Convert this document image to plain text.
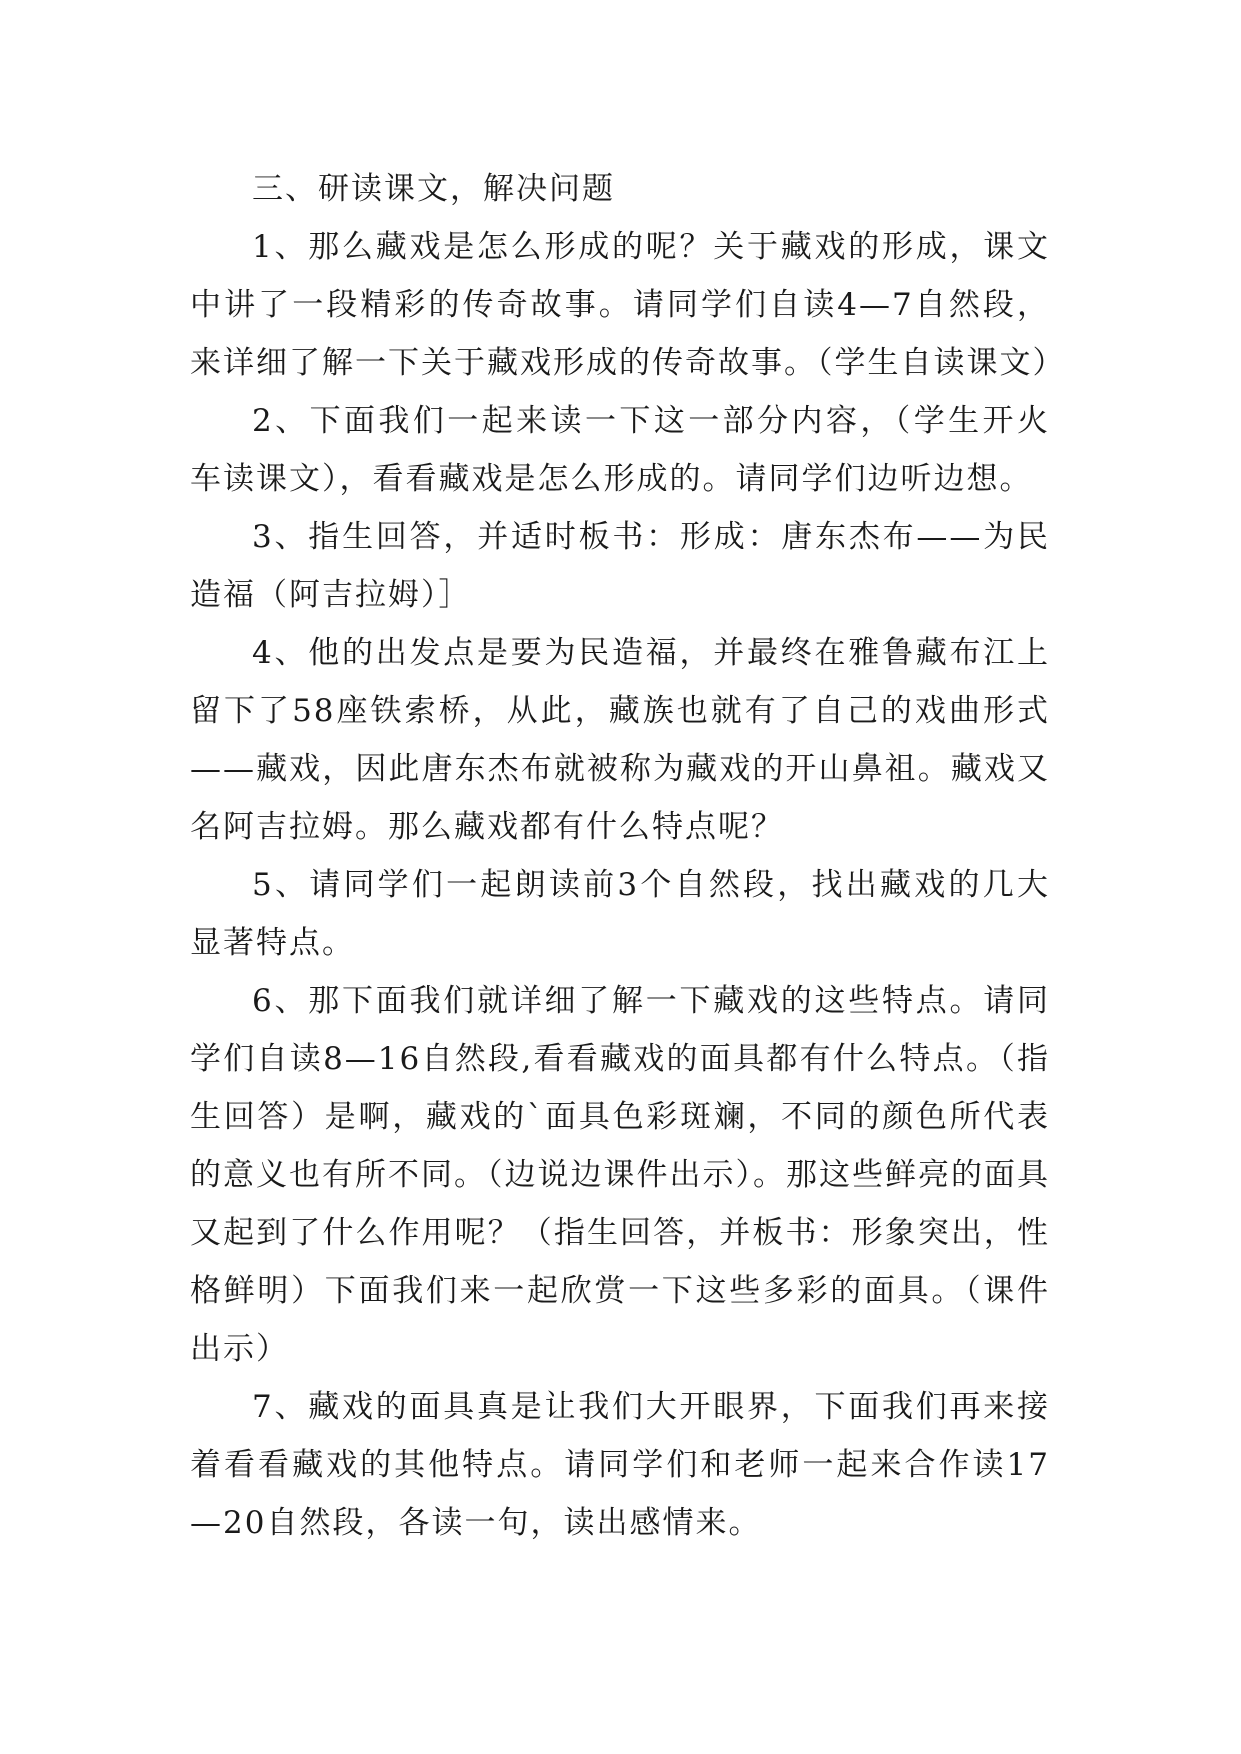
三、研读课文，解决问题

1、那么藏戏是怎么形成的呢？关于藏戏的形成，课文中讲了一段精彩的传奇故事。请同学们自读4—7自然段，来详细了解一下关于藏戏形成的传奇故事。（学生自读课文）

2、下面我们一起来读一下这一部分内容，（学生开火车读课文），看看藏戏是怎么形成的。请同学们边听边想。

3、指生回答，并适时板书：形成：唐东杰布——为民造福（阿吉拉姆）］

4、他的出发点是要为民造福，并最终在雅鲁藏布江上留下了58座铁索桥，从此，藏族也就有了自己的戏曲形式——藏戏，因此唐东杰布就被称为藏戏的开山鼻祖。藏戏又名阿吉拉姆。那么藏戏都有什么特点呢？

5、请同学们一起朗读前3个自然段，找出藏戏的几大显著特点。

6、那下面我们就详细了解一下藏戏的这些特点。请同学们自读8—16自然段,看看藏戏的面具都有什么特点。（指生回答）是啊，藏戏的`面具色彩斑斓，不同的颜色所代表的意义也有所不同。（边说边课件出示）。那这些鲜亮的面具又起到了什么作用呢？（指生回答，并板书：形象突出，性格鲜明）下面我们来一起欣赏一下这些多彩的面具。（课件出示）

7、藏戏的面具真是让我们大开眼界，下面我们再来接着看看藏戏的其他特点。请同学们和老师一起来合作读17—20自然段，各读一句，读出感情来。
